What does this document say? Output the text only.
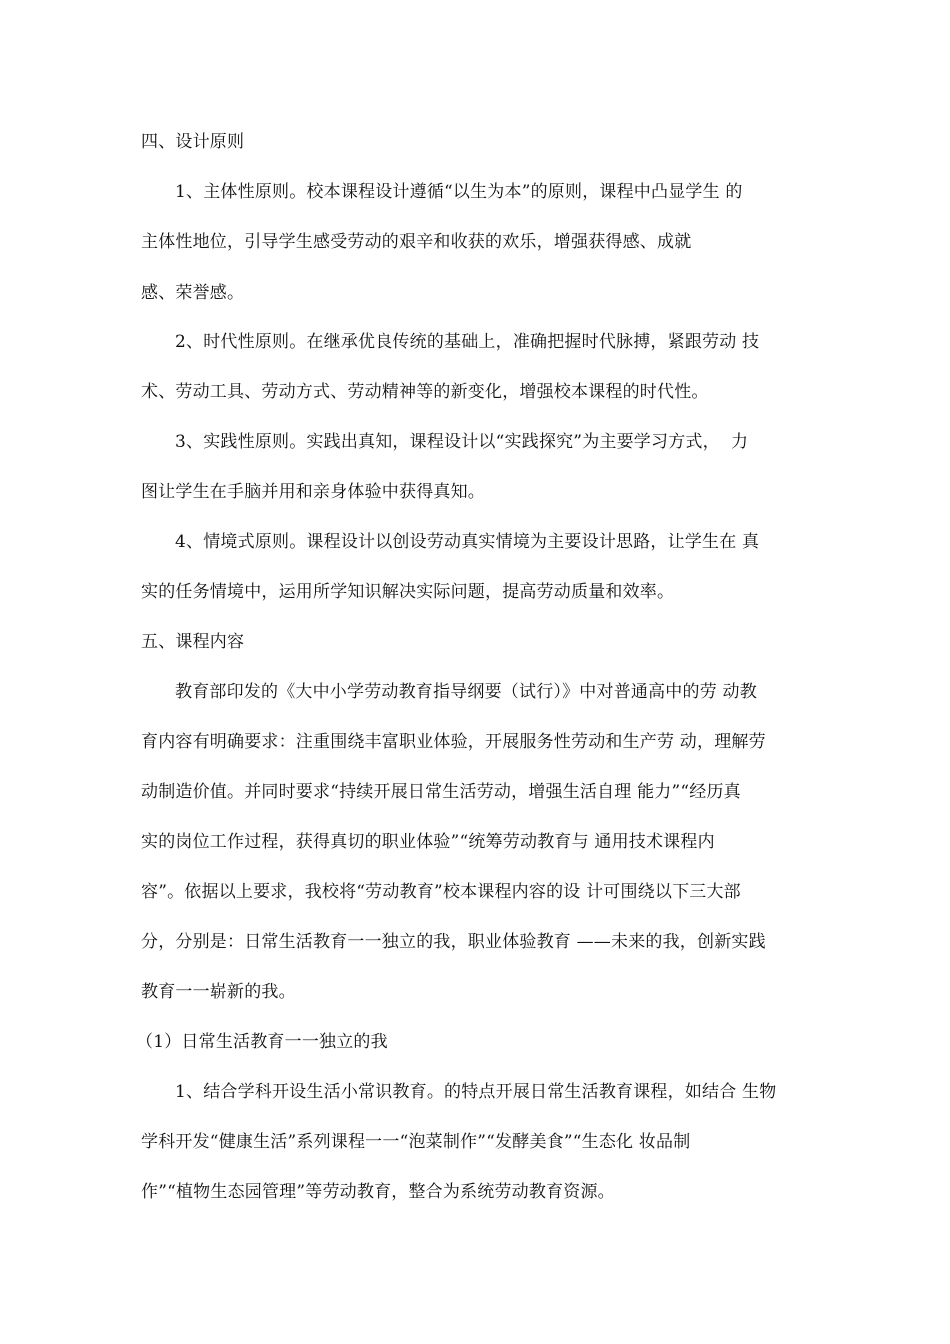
四、设计原则
1、主体性原则。校本课程设计遵循“以生为本”的原则，课程中凸显学生 的
主体性地位，引导学生感受劳动的艰辛和收获的欢乐，增强获得感、成就
感、荣誉感。
2、时代性原则。在继承优良传统的基础上，准确把握时代脉搏，紧跟劳动 技
术、劳动工具、劳动方式、劳动精神等的新变化，增强校本课程的时代性。
3、实践性原则。实践出真知，课程设计以“实践探究”为主要学习方式，  力
图让学生在手脑并用和亲身体验中获得真知。
4、情境式原则。课程设计以创设劳动真实情境为主要设计思路，让学生在 真
实的任务情境中，运用所学知识解决实际问题，提高劳动质量和效率。
五、课程内容
教育部印发的《大中小学劳动教育指导纲要（试行）》中对普通高中的劳 动教
育内容有明确要求：注重围绕丰富职业体验，开展服务性劳动和生产劳 动，理解劳
动制造价值。并同时要求“持续开展日常生活劳动，增强生活自理 能力”“经历真
实的岗位工作过程，获得真切的职业体验”“统筹劳动教育与 通用技术课程内
容”。依据以上要求，我校将“劳动教育”校本课程内容的设 计可围绕以下三大部
分，分别是：日常生活教育一一独立的我，职业体验教育 ——未来的我，创新实践
教育一一崭新的我。
（1）日常生活教育一一独立的我
1、结合学科开设生活小常识教育。的特点开展日常生活教育课程，如结合 生物
学科开发“健康生活”系列课程一一“泡菜制作”“发酵美食”“生态化 妆品制
作”“植物生态园管理”等劳动教育，整合为系统劳动教育资源。
